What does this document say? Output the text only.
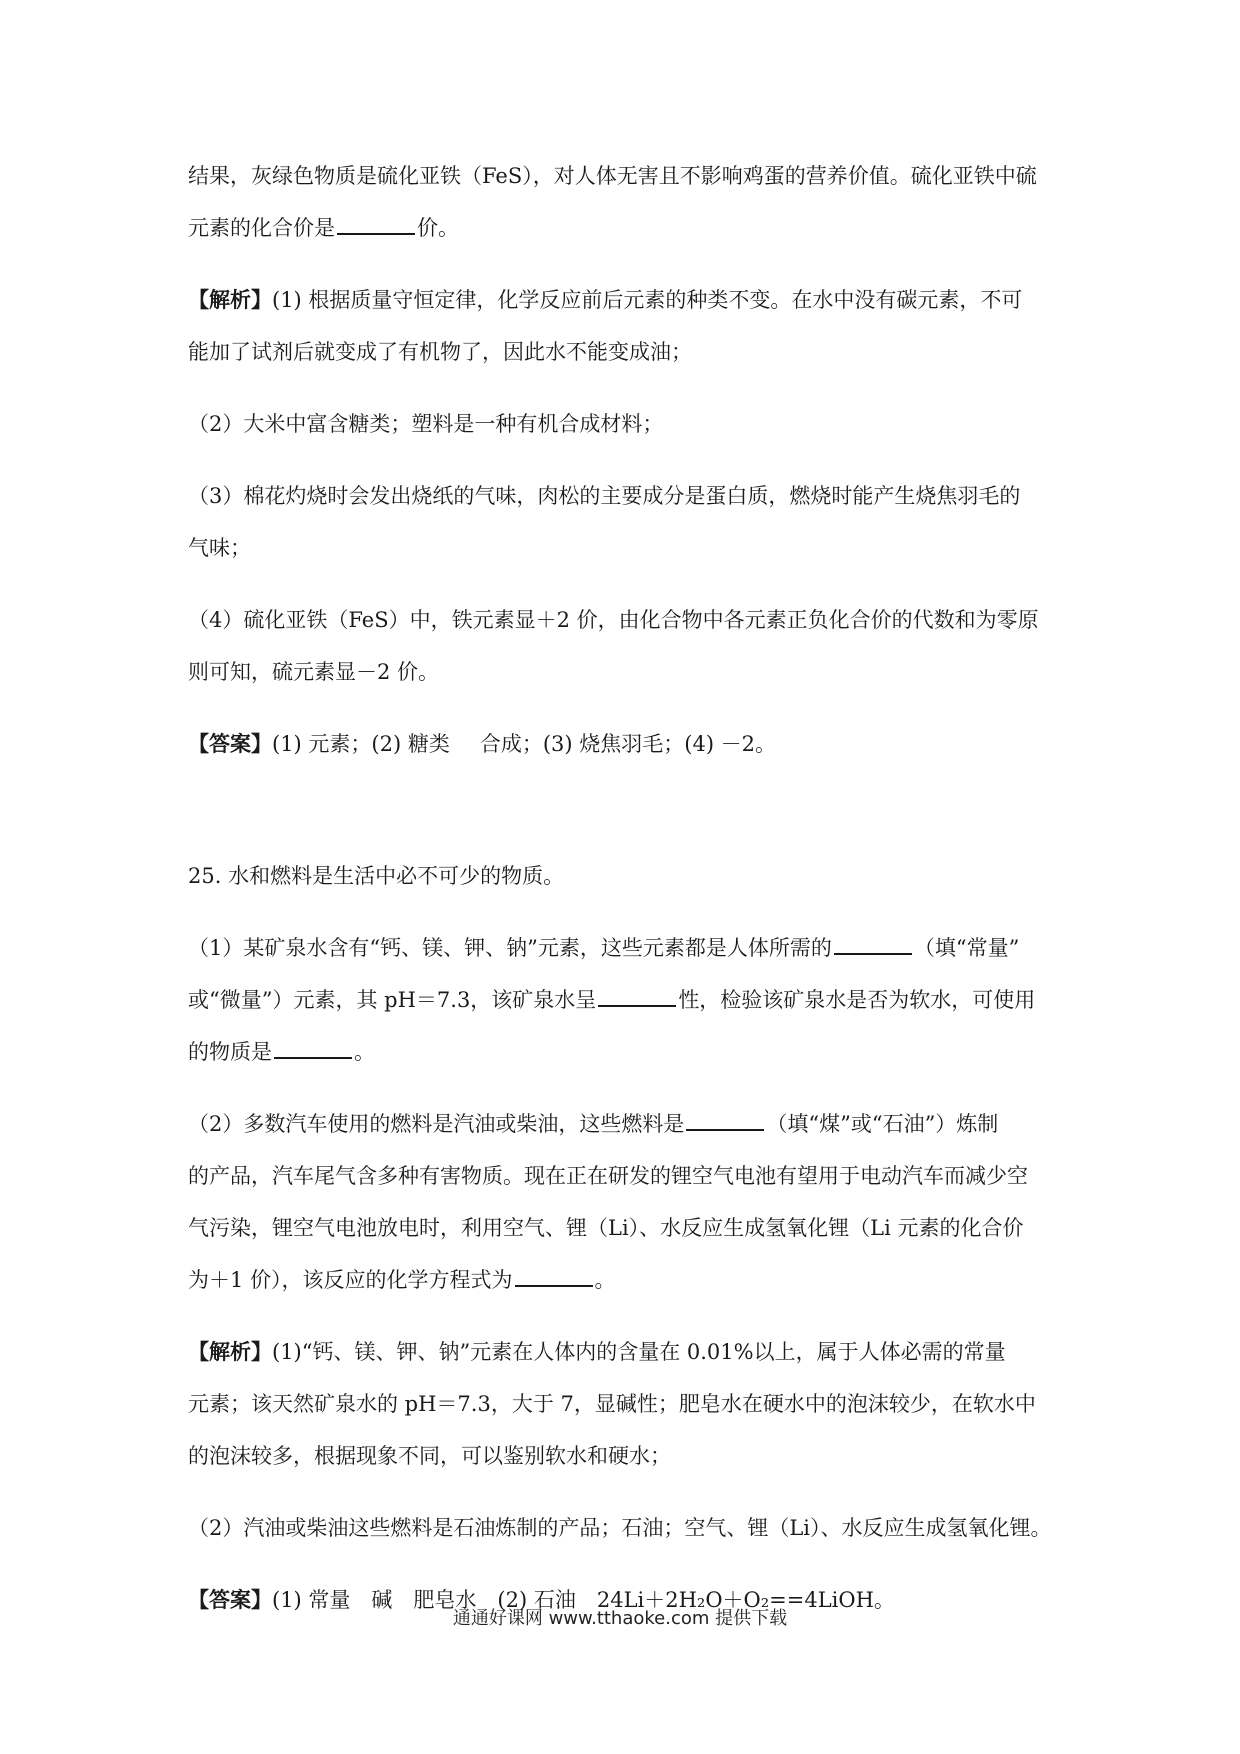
结果，灰绿色物质是硫化亚铁（FeS），对人体无害且不影响鸡蛋的营养价值。硫化亚铁中硫
元素的化合价是	价。
【解析】(1) 根据质量守恒定律，化学反应前后元素的种类不变。在水中没有碳元素，不可
能加了试剂后就变成了有机物了，因此水不能变成油；
（2）大米中富含糖类；塑料是一种有机合成材料；
（3）棉花灼烧时会发出烧纸的气味，肉松的主要成分是蛋白质，燃烧时能产生烧焦羽毛的
气味；
（4）硫化亚铁（FeS）中，铁元素显＋2 价，由化合物中各元素正负化合价的代数和为零原
则可知，硫元素显－2 价。
【答案】(1) 元素；(2) 糖类 合成；(3) 烧焦羽毛；(4) －2。
25. 水和燃料是生活中必不可少的物质。
（1）某矿泉水含有“钙、镁、钾、钠”元素，这些元素都是人体所需的	（填“常量”
或“微量”）元素，其 pH＝7.3，该矿泉水呈	性，检验该矿泉水是否为软水，可使用
的物质是	。
（2）多数汽车使用的燃料是汽油或柴油，这些燃料是	（填“煤”或“石油”）炼制
的产品，汽车尾气含多种有害物质。现在正在研发的锂空气电池有望用于电动汽车而减少空
气污染，锂空气电池放电时，利用空气、锂（Li）、水反应生成氢氧化锂（Li 元素的化合价
为＋1 价），该反应的化学方程式为	。
【解析】(1)“钙、镁、钾、钠”元素在人体内的含量在 0.01%以上，属于人体必需的常量
元素；该天然矿泉水的 pH＝7.3，大于 7，显碱性；肥皂水在硬水中的泡沫较少，在软水中
的泡沫较多，根据现象不同，可以鉴别软水和硬水；
（2）汽油或柴油这些燃料是石油炼制的产品；石油；空气、锂（Li）、水反应生成氢氧化锂。
【答案】(1) 常量　碱　肥皂水　(2) 石油　24Li＋2H₂O＋O₂==4LiOH。
通通好课网 www.tthaoke.com 提供下载
